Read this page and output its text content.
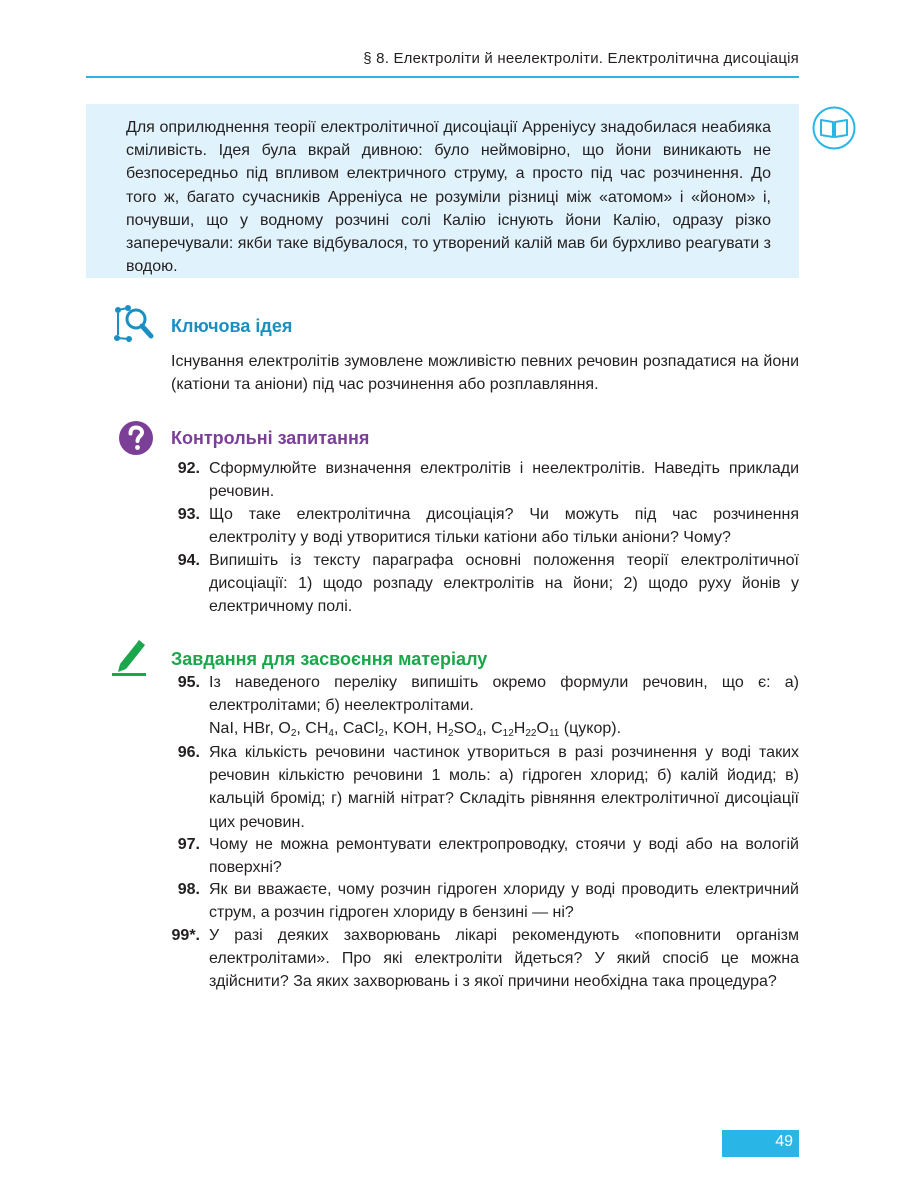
§ 8. Електроліти й неелектроліти. Електролітична дисоціація

Для оприлюднення теорії електролітичної дисоціації Арреніусу знадобилася неабияка сміливість. Ідея була вкрай дивною: було неймовірно, що йони виникають не безпосередньо під впливом електричного струму, а просто під час розчинення. До того ж, багато сучасників Арреніуса не розуміли різниці між «атомом» і «йоном» і, почувши, що у водному розчині солі Калію існують йони Калію, одразу різко заперечували: якби таке відбувалося, то утворений калій мав би бурхливо реагувати з водою.

Ключова ідея

Існування електролітів зумовлене можливістю певних речовин розпадатися на йони (катіони та аніони) під час розчинення або розплавляння.

Контрольні запитання
92. Сформулюйте визначення електролітів і неелектролітів. Наведіть приклади речовин.
93. Що таке електролітична дисоціація? Чи можуть під час розчинення електроліту у воді утворитися тільки катіони або тільки аніони? Чому?
94. Випишіть із тексту параграфа основні положення теорії електролітичної дисоціації: 1) щодо розпаду електролітів на йони; 2) щодо руху йонів у електричному полі.
Завдання для засвоєння матеріалу
95. Із наведеного переліку випишіть окремо формули речовин, що є: а) електролітами; б) неелектролітами.
NaI, HBr, $O_2$, $CH_4$, CaCl$_2$, KOH, $H_2SO_4$, $C_{12}H_{22}O_{11}$ (цукор).
96. Яка кількість речовини частинок утвориться в разі розчинення у воді таких речовин кількістю речовини 1 моль: а) гідроген хлорид; б) калій йодид; в) кальцій бромід; г) магній нітрат? Складіть рівняння електролітичної дисоціації цих речовин.
97. Чому не можна ремонтувати електропроводку, стоячи у воді або на вологій поверхні?
98. Як ви вважаєте, чому розчин гідроген хлориду у воді проводить електричний струм, а розчин гідроген хлориду в бензині — ні?
99*. У разі деяких захворювань лікарі рекомендують «поповнити організм електролітами». Про які електроліти йдеться? У який спосіб це можна здійснити? За яких захворювань і з якої причини необхідна така процедура?
49
